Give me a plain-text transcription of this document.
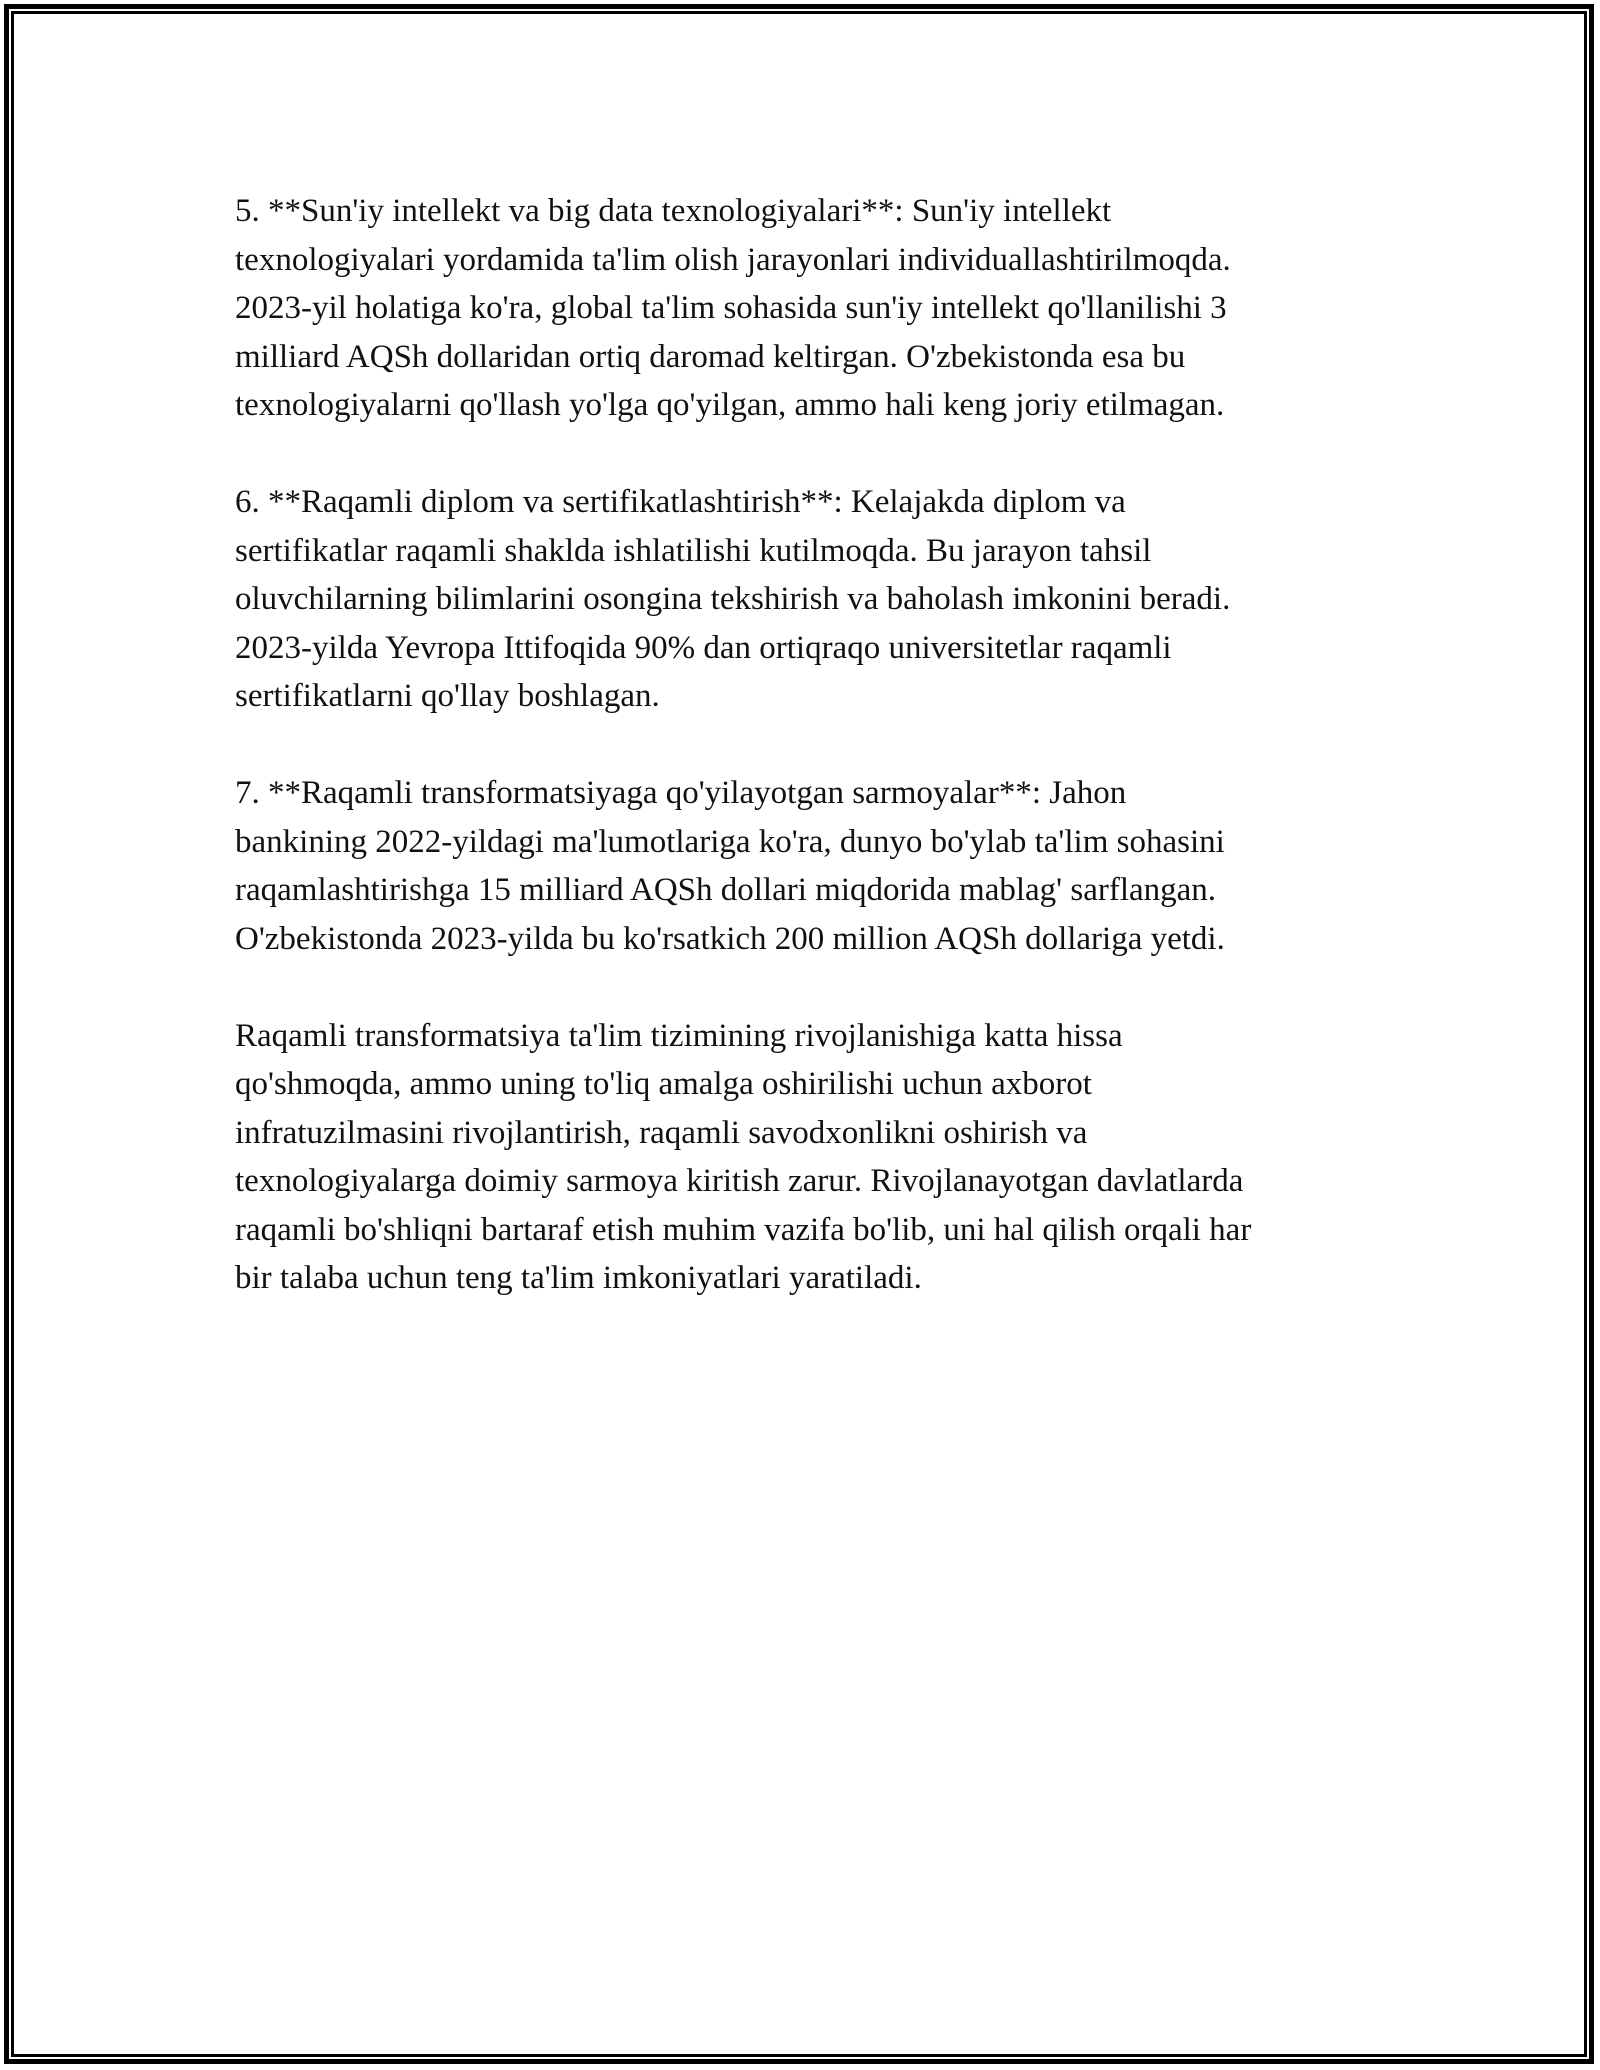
5. **Sun'iy intellekt va big data texnologiyalari**: Sun'iy intellekt
texnologiyalari yordamida ta'lim olish jarayonlari individuallashtirilmoqda.
2023-yil holatiga ko'ra, global ta'lim sohasida sun'iy intellekt qo'llanilishi 3
milliard AQSh dollaridan ortiq daromad keltirgan. O'zbekistonda esa bu
texnologiyalarni qo'llash yo'lga qo'yilgan, ammo hali keng joriy etilmagan.

6. **Raqamli diplom va sertifikatlashtirish**: Kelajakda diplom va
sertifikatlar raqamli shaklda ishlatilishi kutilmoqda. Bu jarayon tahsil
oluvchilarning bilimlarini osongina tekshirish va baholash imkonini beradi.
2023-yilda Yevropa Ittifoqida 90% dan ortiqraqo universitetlar raqamli
sertifikatlarni qo'llay boshlagan.

7. **Raqamli transformatsiyaga qo'yilayotgan sarmoyalar**: Jahon
bankining 2022-yildagi ma'lumotlariga ko'ra, dunyo bo'ylab ta'lim sohasini
raqamlashtirishga 15 milliard AQSh dollari miqdorida mablag' sarflangan.
O'zbekistonda 2023-yilda bu ko'rsatkich 200 million AQSh dollariga yetdi.

Raqamli transformatsiya ta'lim tizimining rivojlanishiga katta hissa
qo'shmoqda, ammo uning to'liq amalga oshirilishi uchun axborot
infratuzilmasini rivojlantirish, raqamli savodxonlikni oshirish va
texnologiyalarga doimiy sarmoya kiritish zarur. Rivojlanayotgan davlatlarda
raqamli bo'shliqni bartaraf etish muhim vazifa bo'lib, uni hal qilish orqali har
bir talaba uchun teng ta'lim imkoniyatlari yaratiladi.
